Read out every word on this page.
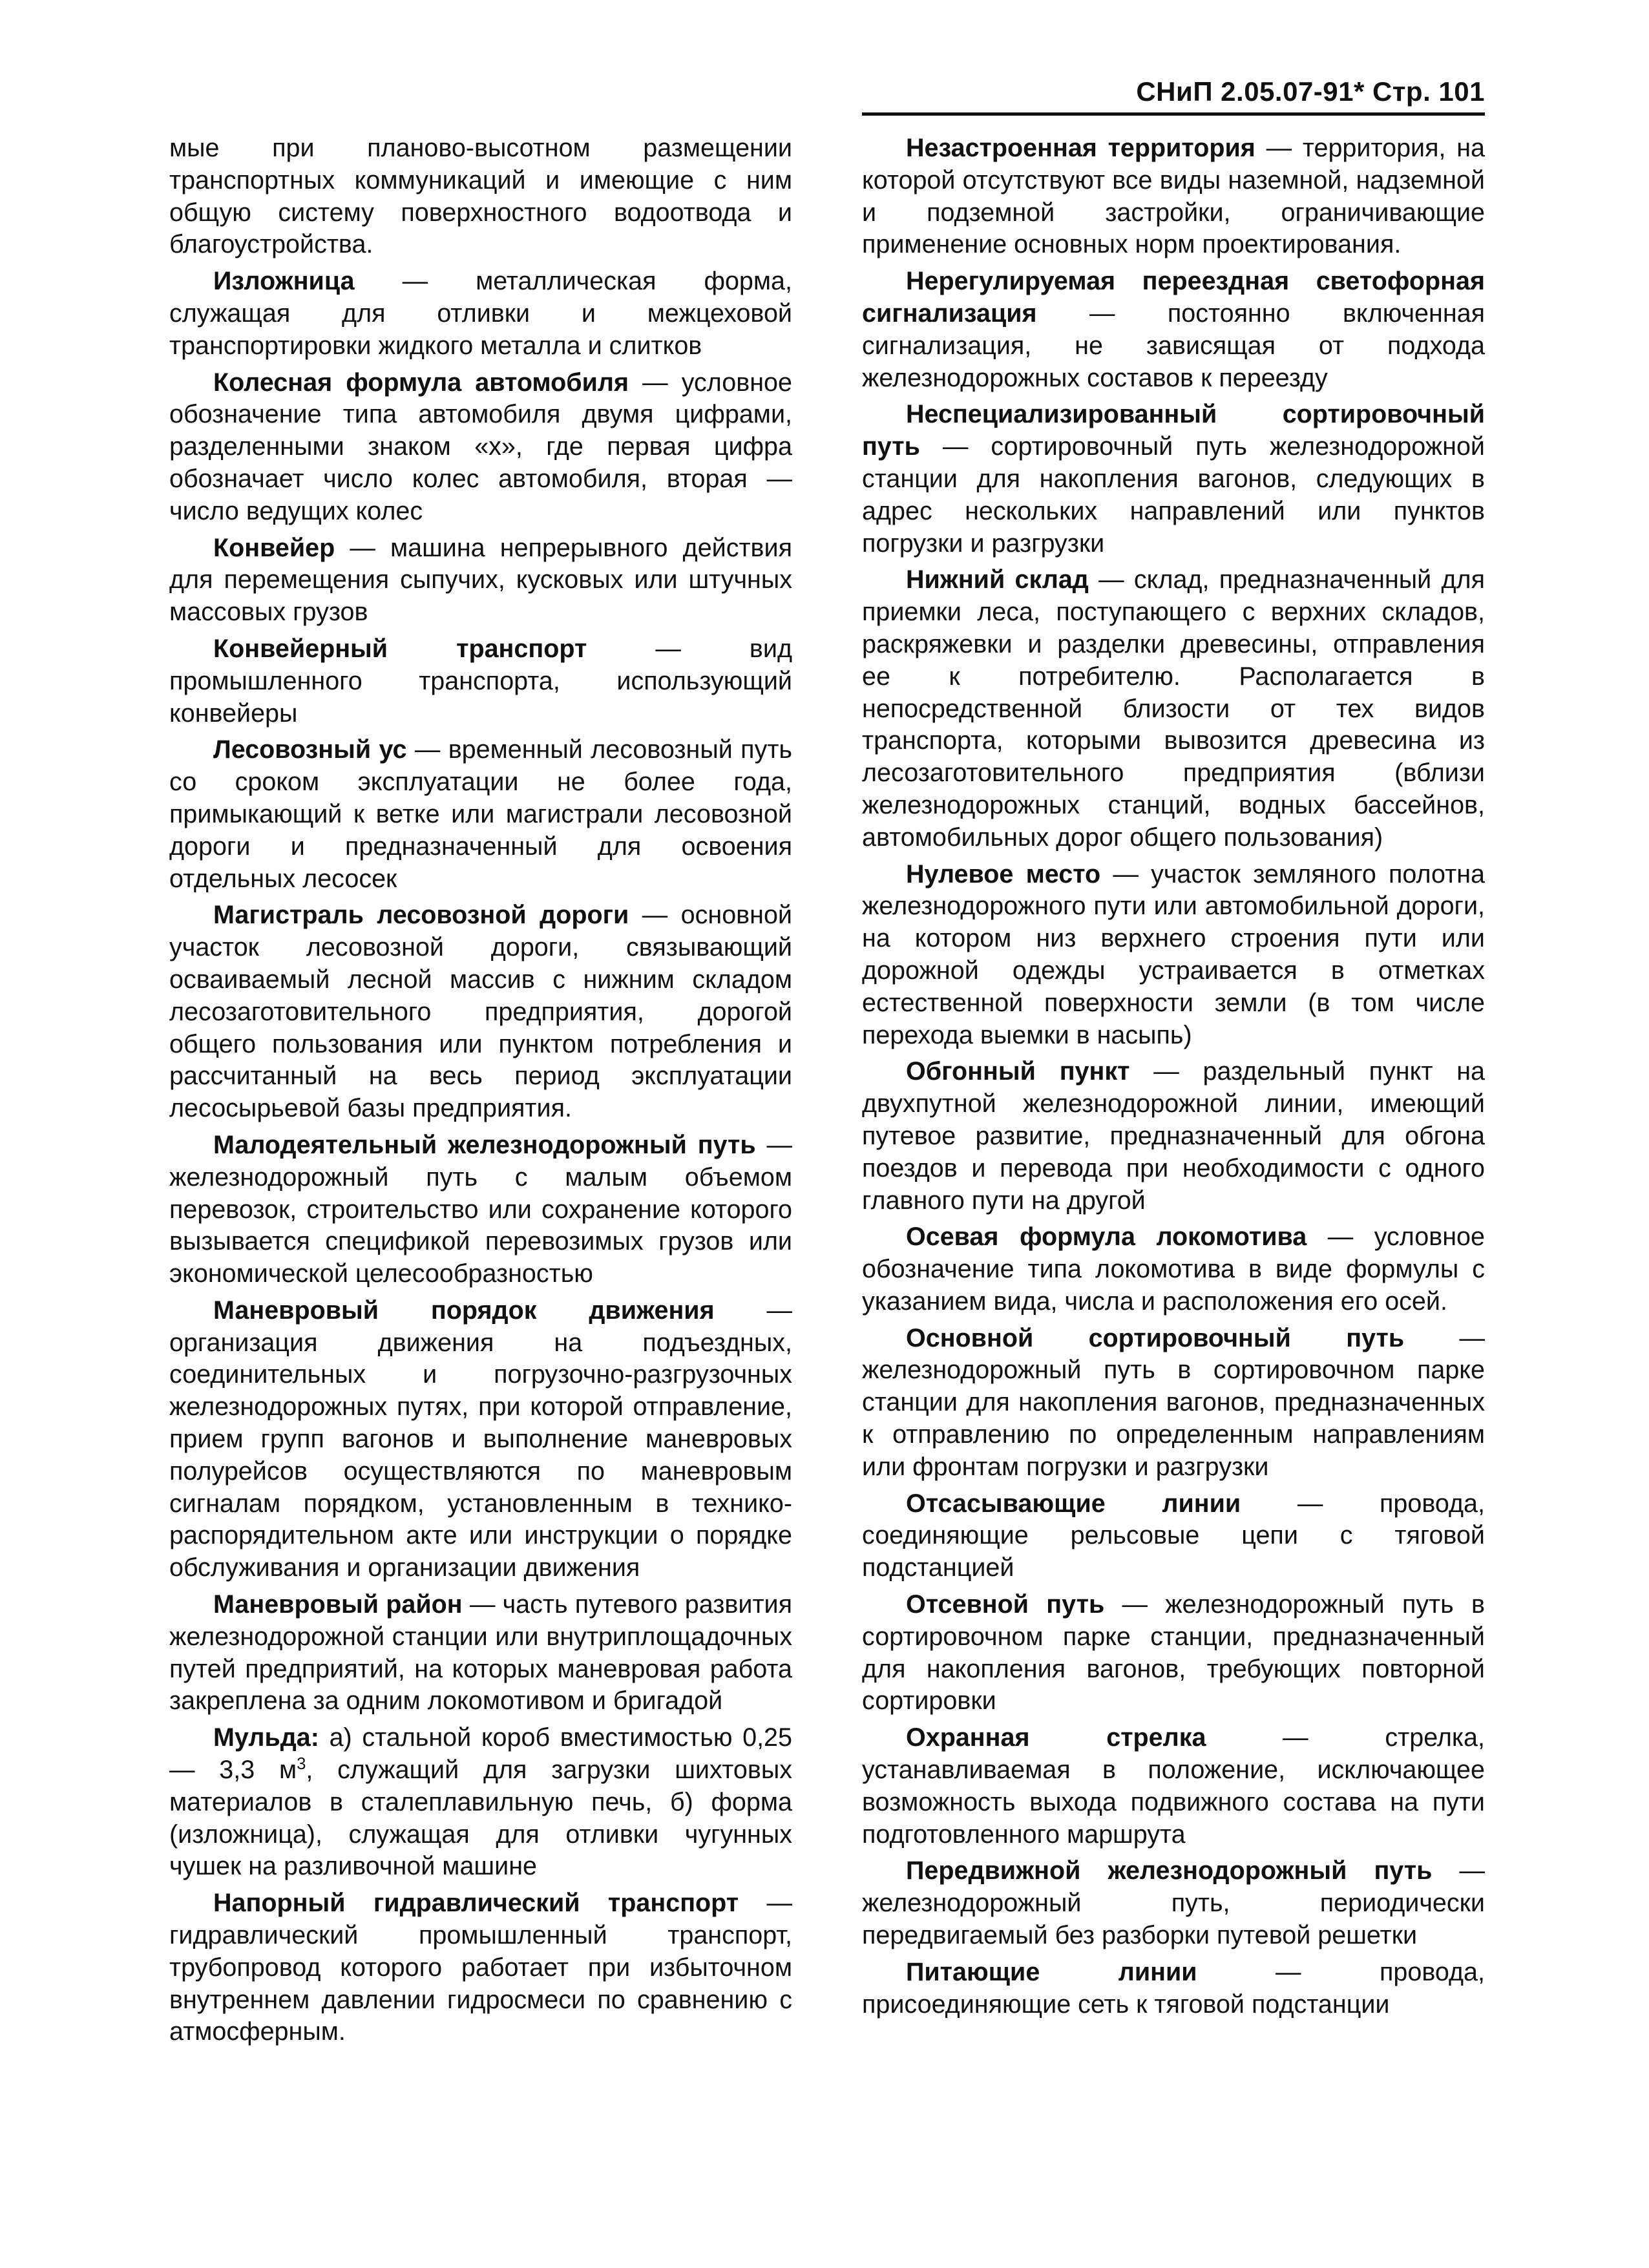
СНиП 2.05.07-91* Стр. 101

мые при планово-высотном размещении транспортных коммуникаций и имеющие с ним общую систему поверхностного водоотвода и благоустройства.

Изложница — металлическая форма, служащая для отливки и межцеховой транспортировки жидкого металла и слитков

Колесная формула автомобиля — условное обозначение типа автомобиля двумя цифрами, разделенными знаком «х», где первая цифра обозначает число колес автомобиля, вторая — число ведущих колес

Конвейер — машина непрерывного действия для перемещения сыпучих, кусковых или штучных массовых грузов

Конвейерный транспорт — вид промышленного транспорта, использующий конвейеры

Лесовозный ус — временный лесовозный путь со сроком эксплуатации не более года, примыкающий к ветке или магистрали лесовозной дороги и предназначенный для освоения отдельных лесосек

Магистраль лесовозной дороги — основной участок лесовозной дороги, связывающий осваиваемый лесной массив с нижним складом лесозаготовительного предприятия, дорогой общего пользования или пунктом потребления и рассчитанный на весь период эксплуатации лесосырьевой базы предприятия.

Малодеятельный железнодорожный путь — железнодорожный путь с малым объемом перевозок, строительство или сохранение которого вызывается спецификой перевозимых грузов или экономической целесообразностью

Маневровый порядок движения — организация движения на подъездных, соединительных и погрузочно-разгрузочных железнодорожных путях, при которой отправление, прием групп вагонов и выполнение маневровых полурейсов осуществляются по маневровым сигналам порядком, установленным в технико-распорядительном акте или инструкции о порядке обслуживания и организации движения

Маневровый район — часть путевого развития железнодорожной станции или внутриплощадочных путей предприятий, на которых маневровая работа закреплена за одним локомотивом и бригадой

Мульда: а) стальной короб вместимостью 0,25 — 3,3 $м^3$, служащий для загрузки шихтовых материалов в сталеплавильную печь, б) форма (изложница), служащая для отливки чугунных чушек на разливочной машине

Напорный гидравлический транспорт — гидравлический промышленный транспорт, трубопровод которого работает при избыточном внутреннем давлении гидросмеси по сравнению с атмосферным.

Незастроенная территория — территория, на которой отсутствуют все виды наземной, надземной и подземной застройки, ограничивающие применение основных норм проектирования.

Нерегулируемая переездная светофорная сигнализация — постоянно включенная сигнализация, не зависящая от подхода железнодорожных составов к переезду

Неспециализированный сортировочный путь — сортировочный путь железнодорожной станции для накопления вагонов, следующих в адрес нескольких направлений или пунктов погрузки и разгрузки

Нижний склад — склад, предназначенный для приемки леса, поступающего с верхних складов, раскряжевки и разделки древесины, отправления ее к потребителю. Располагается в непосредственной близости от тех видов транспорта, которыми вывозится древесина из лесозаготовительного предприятия (вблизи железнодорожных станций, водных бассейнов, автомобильных дорог общего пользования)

Нулевое место — участок земляного полотна железнодорожного пути или автомобильной дороги, на котором низ верхнего строения пути или дорожной одежды устраивается в отметках естественной поверхности земли (в том числе перехода выемки в насыпь)

Обгонный пункт — раздельный пункт на двухпутной железнодорожной линии, имеющий путевое развитие, предназначенный для обгона поездов и перевода при необходимости с одного главного пути на другой

Осевая формула локомотива — условное обозначение типа локомотива в виде формулы с указанием вида, числа и расположения его осей.

Основной сортировочный путь — железнодорожный путь в сортировочном парке станции для накопления вагонов, предназначенных к отправлению по определенным направлениям или фронтам погрузки и разгрузки

Отсасывающие линии — провода, соединяющие рельсовые цепи с тяговой подстанцией

Отсевной путь — железнодорожный путь в сортировочном парке станции, предназначенный для накопления вагонов, требующих повторной сортировки

Охранная стрелка — стрелка, устанавливаемая в положение, исключающее возможность выхода подвижного состава на пути подготовленного маршрута

Передвижной железнодорожный путь — железнодорожный путь, периодически передвигаемый без разборки путевой решетки

Питающие линии — провода, присоединяющие сеть к тяговой подстанции
